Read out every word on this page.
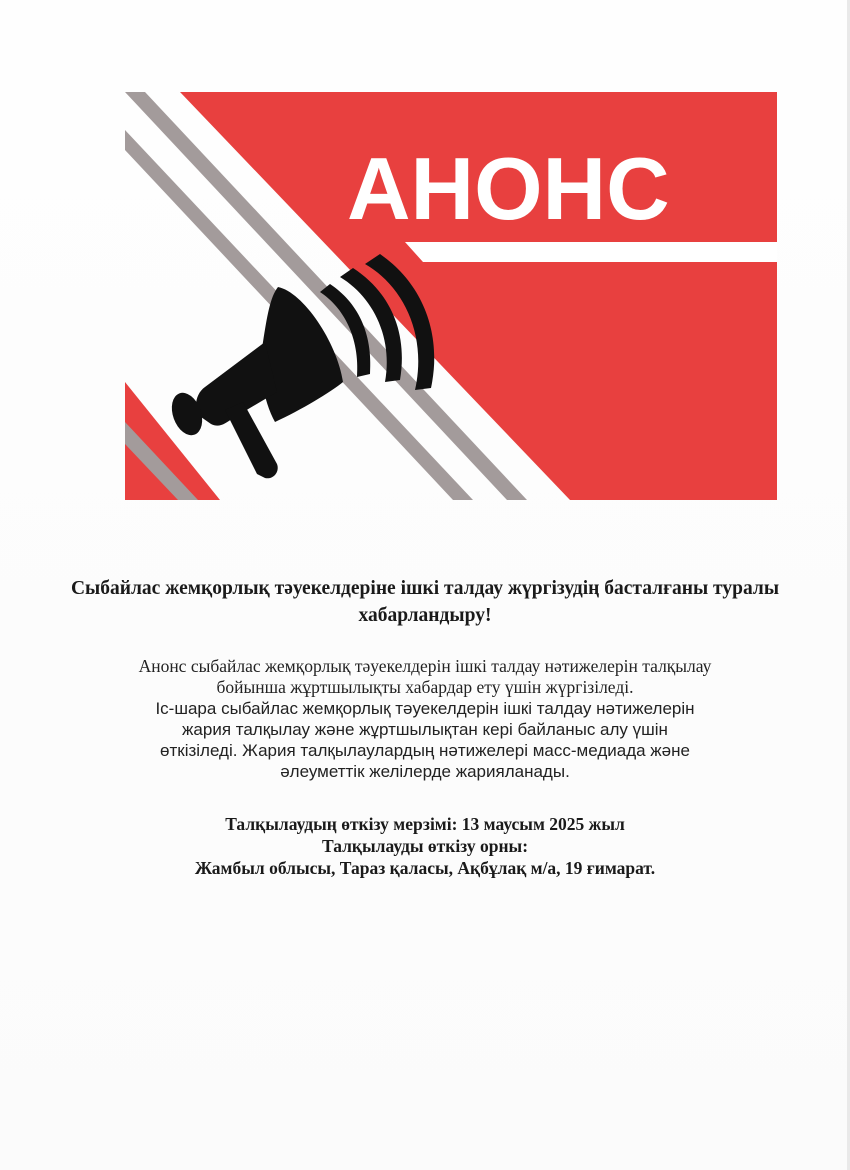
АНОНС
Сыбайлас жемқорлық тәуекелдеріне ішкі талдау жүргізудің басталғаны туралы хабарландыру!
Анонс сыбайлас жемқорлық тәуекелдерін ішкі талдау нәтижелерін талқылау
бойынша жұртшылықты хабардар ету үшін жүргізіледі.
Іс-шара сыбайлас жемқорлық тәуекелдерін ішкі талдау нәтижелерін
жария талқылау және жұртшылықтан кері байланыс алу үшін
өткізіледі. Жария талқылаулардың нәтижелері масс-медиада және
әлеуметтік желілерде жарияланады.
Талқылаудың өткізу мерзімі: 13 маусым 2025 жыл
Талқылауды өткізу орны:
Жамбыл облысы, Тараз қаласы, Ақбұлақ м/а, 19 ғимарат.
